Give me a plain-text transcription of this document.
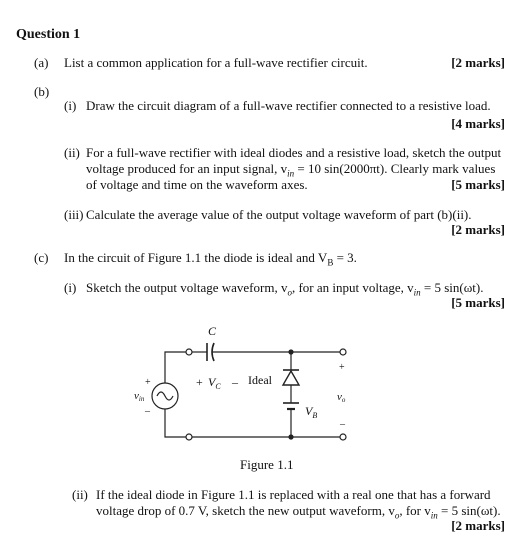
Question 1
(a) List a common application for a full-wave rectifier circuit.	[2 marks]
(b)
(i) Draw the circuit diagram of a full-wave rectifier connected to a resistive load.
[4 marks]
(ii) For a full-wave rectifier with ideal diodes and a resistive load, sketch the output
voltage produced for an input signal, $v_{in} = 10$ sin(2000πt). Clearly mark values
of voltage and time on the waveform axes.	[5 marks]
(iii) Calculate the average value of the output voltage waveform of part (b)(ii).
[2 marks]
(c) In the circuit of Figure 1.1 the diode is ideal and $V_B = 3$.
(i) Sketch the output voltage waveform, $v_o$, for an input voltage, $v_{in} = 5$ sin(ωt).
[5 marks]
C
+ $V_C$ – Ideal
$V_B$
+
vin
–
+
vo
–
Figure 1.1
(ii) If the ideal diode in Figure 1.1 is replaced with a real one that has a forward
voltage drop of 0.7 V, sketch the new output waveform, $v_o$, for $v_{in} = 5$ sin(ωt).
[2 marks]
